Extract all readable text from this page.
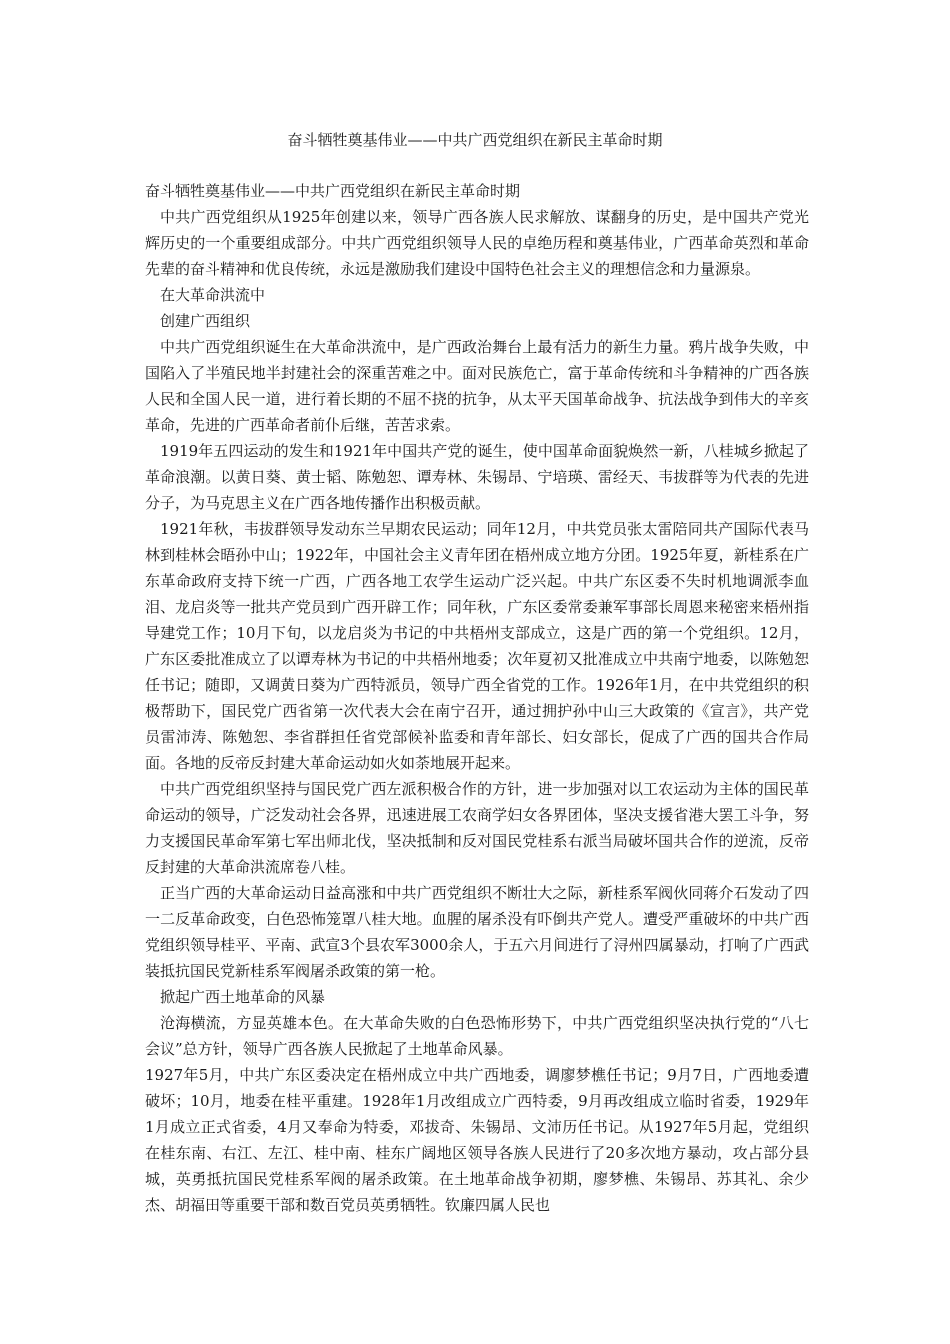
奋斗牺牲奠基伟业——中共广西党组织在新民主革命时期

奋斗牺牲奠基伟业——中共广西党组织在新民主革命时期

中共广西党组织从1925年创建以来，领导广西各族人民求解放、谋翻身的历史，是中国共产党光辉历史的一个重要组成部分。中共广西党组织领导人民的卓绝历程和奠基伟业，广西革命英烈和革命先辈的奋斗精神和优良传统，永远是激励我们建设中国特色社会主义的理想信念和力量源泉。

在大革命洪流中

创建广西组织

中共广西党组织诞生在大革命洪流中，是广西政治舞台上最有活力的新生力量。鸦片战争失败，中国陷入了半殖民地半封建社会的深重苦难之中。面对民族危亡，富于革命传统和斗争精神的广西各族人民和全国人民一道，进行着长期的不屈不挠的抗争，从太平天国革命战争、抗法战争到伟大的辛亥革命，先进的广西革命者前仆后继，苦苦求索。

1919年五四运动的发生和1921年中国共产党的诞生，使中国革命面貌焕然一新，八桂城乡掀起了革命浪潮。以黄日葵、黄士韬、陈勉恕、谭寿林、朱锡昂、宁培瑛、雷经天、韦拔群等为代表的先进分子，为马克思主义在广西各地传播作出积极贡献。

1921年秋，韦拔群领导发动东兰早期农民运动；同年12月，中共党员张太雷陪同共产国际代表马林到桂林会晤孙中山；1922年，中国社会主义青年团在梧州成立地方分团。1925年夏，新桂系在广东革命政府支持下统一广西，广西各地工农学生运动广泛兴起。中共广东区委不失时机地调派李血泪、龙启炎等一批共产党员到广西开辟工作；同年秋，广东区委常委兼军事部长周恩来秘密来梧州指导建党工作；10月下旬，以龙启炎为书记的中共梧州支部成立，这是广西的第一个党组织。12月，广东区委批准成立了以谭寿林为书记的中共梧州地委；次年夏初又批准成立中共南宁地委，以陈勉恕任书记；随即，又调黄日葵为广西特派员，领导广西全省党的工作。1926年1月，在中共党组织的积极帮助下，国民党广西省第一次代表大会在南宁召开，通过拥护孙中山三大政策的《宣言》，共产党员雷沛涛、陈勉恕、李省群担任省党部候补监委和青年部长、妇女部长，促成了广西的国共合作局面。各地的反帝反封建大革命运动如火如荼地展开起来。

中共广西党组织坚持与国民党广西左派积极合作的方针，进一步加强对以工农运动为主体的国民革命运动的领导，广泛发动社会各界，迅速进展工农商学妇女各界团体，坚决支援省港大罢工斗争，努力支援国民革命军第七军出师北伐，坚决抵制和反对国民党桂系右派当局破坏国共合作的逆流，反帝反封建的大革命洪流席卷八桂。

正当广西的大革命运动日益高涨和中共广西党组织不断壮大之际，新桂系军阀伙同蒋介石发动了四一二反革命政变，白色恐怖笼罩八桂大地。血腥的屠杀没有吓倒共产党人。遭受严重破坏的中共广西党组织领导桂平、平南、武宣3个县农军3000余人，于五六月间进行了浔州四属暴动，打响了广西武装抵抗国民党新桂系军阀屠杀政策的第一枪。

掀起广西土地革命的风暴

沧海横流，方显英雄本色。在大革命失败的白色恐怖形势下，中共广西党组织坚决执行党的“八七会议”总方针，领导广西各族人民掀起了土地革命风暴。

1927年5月，中共广东区委决定在梧州成立中共广西地委，调廖梦樵任书记；9月7日，广西地委遭破坏；10月，地委在桂平重建。1928年1月改组成立广西特委，9月再改组成立临时省委，1929年1月成立正式省委，4月又奉命为特委，邓拔奇、朱锡昂、文沛历任书记。从1927年5月起，党组织在桂东南、右江、左江、桂中南、桂东广阔地区领导各族人民进行了20多次地方暴动，攻占部分县城，英勇抵抗国民党桂系军阀的屠杀政策。在土地革命战争初期，廖梦樵、朱锡昂、苏其礼、余少杰、胡福田等重要干部和数百党员英勇牺牲。钦廉四属人民也
